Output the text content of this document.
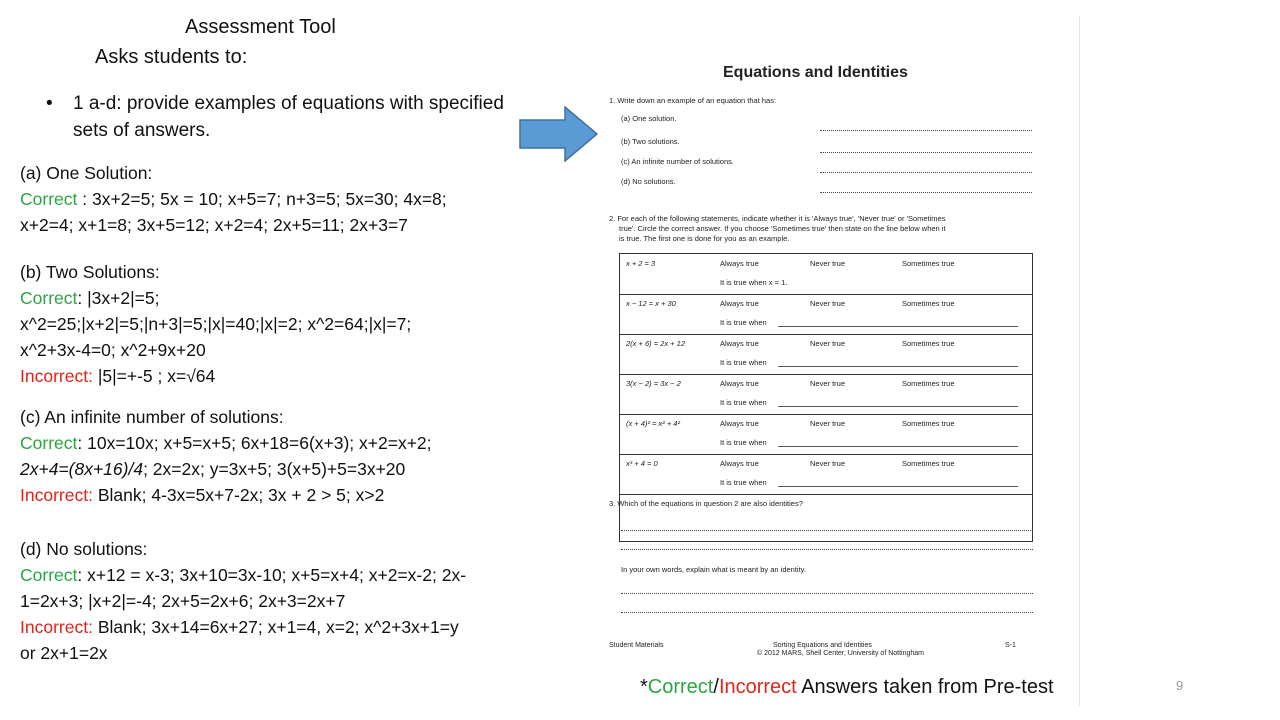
Assessment Tool
Asks students to:
• 1 a-d: provide examples of equations with specified sets of answers.
(a) One Solution:
Correct : 3x+2=5; 5x = 10; x+5=7; n+3=5; 5x=30; 4x=8;
x+2=4; x+1=8; 3x+5=12; x+2=4; 2x+5=11; 2x+3=7
(b) Two Solutions:
Correct: |3x+2|=5;
x^2=25;|x+2|=5;|n+3|=5;|x|=40;|x|=2; x^2=64;|x|=7;
x^2+3x-4=0; x^2+9x+20
Incorrect: |5|=+-5 ; x=√64
(c) An infinite number of solutions:
Correct: 10x=10x; x+5=x+5; 6x+18=6(x+3); x+2=x+2;
2x+4=(8x+16)/4; 2x=2x; y=3x+5; 3(x+5)+5=3x+20
Incorrect: Blank; 4-3x=5x+7-2x; 3x + 2 > 5; x>2
(d) No solutions:
Correct: x+12 = x-3; 3x+10=3x-10; x+5=x+4; x+2=x-2; 2x-
1=2x+3; |x+2|=-4; 2x+5=2x+6; 2x+3=2x+7
Incorrect: Blank; 3x+14=6x+27; x+1=4, x=2; x^2+3x+1=y
or 2x+1=2x
Equations and Identities
1. Write down an example of an equation that has:
(a) One solution.
(b) Two solutions.
(c) An infinite number of solutions.
(d) No solutions.
2. For each of the following statements, indicate whether it is 'Always true', 'Never true' or 'Sometimes
true'. Circle the correct answer. If you choose 'Sometimes true' then state on the line below when it
is true. The first one is done for you as an example.
x + 2 = 3	Always true	Never true	Sometimes true
It is true when x = 1.
x − 12 = x + 30	Always true	Never true	Sometimes true
It is true when
2(x + 6) = 2x + 12	Always true	Never true	Sometimes true
It is true when
3(x − 2) = 3x − 2	Always true	Never true	Sometimes true
It is true when
(x + 4)² = x² + 4²	Always true	Never true	Sometimes true
It is true when
x³ + 4 = 0	Always true	Never true	Sometimes true
It is true when
3. Which of the equations in question 2 are also identities?
In your own words, explain what is meant by an identity.
Student Materials	Sorting Equations and Identities	S-1
© 2012 MARS, Shell Center, University of Nottingham
*Correct/Incorrect Answers taken from Pre-test	9
